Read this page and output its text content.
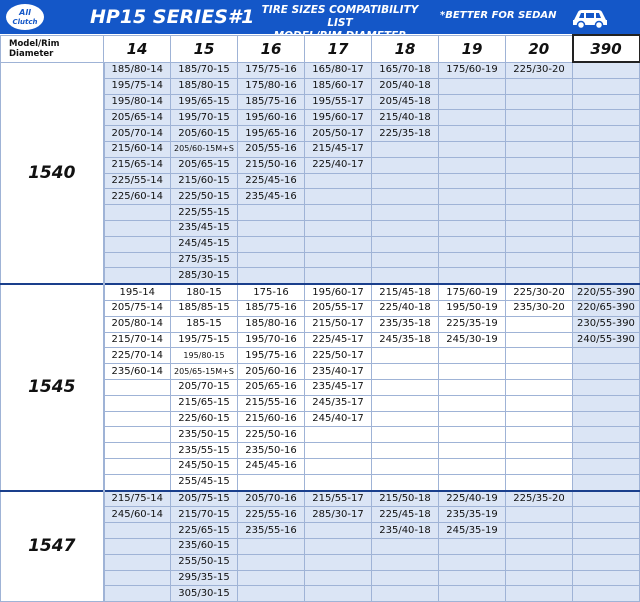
All
Clutch	HP15 SERIES#1 TIRE SIZES COMPATIBILITY LIST
*BETTER FOR SEDAN
Model/Rim Diameter	14	15	16	17	18	19	20	390
1540	185/80-14	185/70-15	175/75-16	165/80-17	165/70-18	175/60-19	225/30-20	
	195/75-14	185/80-15	175/80-16	185/60-17	205/40-18			
	195/80-14	195/65-15	185/75-16	195/55-17	205/45-18			
	205/65-14	195/70-15	195/60-16	195/60-17	215/40-18			
	205/70-14	205/60-15	195/65-16	205/50-17	225/35-18			
	215/60-14	205/60-15M+S	205/55-16	215/45-17				
	215/65-14	205/65-15	215/50-16	225/40-17				
	225/55-14	215/60-15	225/45-16					
	225/60-14	225/50-15	235/45-16					
		225/55-15						
		235/45-15						
		245/45-15						
		275/35-15						
		285/30-15						
1545	195-14	180-15	175-16	195/60-17	215/45-18	175/60-19	225/30-20	220/55-390
	205/75-14	185/85-15	185/75-16	205/55-17	225/40-18	195/50-19	235/30-20	220/65-390
	205/80-14	185-15	185/80-16	215/50-17	235/35-18	225/35-19		230/55-390
	215/70-14	195/75-15	195/70-16	225/45-17	245/35-18	245/30-19		240/55-390
	225/70-14	195/80-15	195/75-16	225/50-17				
	235/60-14	205/65-15M+S	205/60-16	235/40-17				
		205/70-15	205/65-16	235/45-17				
		215/65-15	215/55-16	245/35-17				
		225/60-15	215/60-16	245/40-17				
		235/50-15	225/50-16					
		235/55-15	235/50-16					
		245/50-15	245/45-16					
		255/45-15						
1547	215/75-14	205/75-15	205/70-16	215/55-17	215/50-18	225/40-19	225/35-20	
	245/60-14	215/70-15	225/55-16	285/30-17	225/45-18	235/35-19		
		225/65-15	235/55-16		235/40-18	245/35-19		
		235/60-15						
		255/50-15						
		295/35-15						
		305/30-15						
